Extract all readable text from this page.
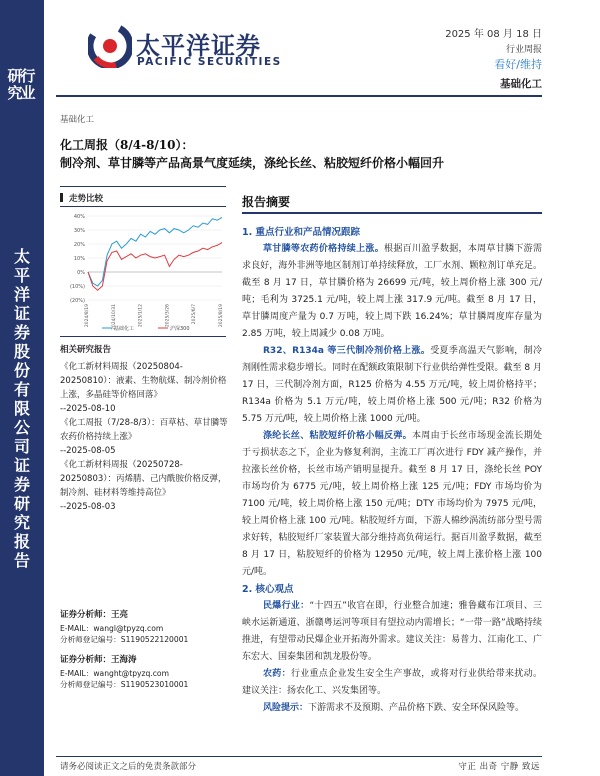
行业
研究
太平洋证券股份有限公司证券研究报告
太平洋证券
PACIFIC SECURITIES
2025 年 08 月 18 日
行业周报
看好/维持
基础化工
基础化工
化工周报（8/4-8/10）：
制冷剂、草甘膦等产品高景气度延续，涤纶长丝、粘胶短纤价格小幅回升
走势比较
40%
30%
20%
10%
0%
(10%)
(20%)
2024/8/19	2024/10/31	2025/1/12	2025/3/26	2025/6/7	2025/8/19
基础化工	沪深300
相关研究报告
《化工新材料周报（20250804-20250810）：液素、生物航煤、制冷剂价格上涨，多晶硅等价格回落》
--2025-08-10
《化工周报（7/28-8/3）：百草枯、草甘膦等农药价格持续上涨》
--2025-08-05
《化工新材料周报（20250728-20250803）：丙烯腈、己内酰胺价格反弹，制冷剂、硅材料等维持高位》
--2025-08-03
证券分析师：王亮
E-MAIL：wangl@tpyzq.com
分析师登记编号：S1190522120001
证券分析师：王海涛
E-MAIL：wanght@tpyzq.com
分析师登记编号：S1190523010001
报告摘要
1. 重点行业和产品情况跟踪
草甘膦等农药价格持续上涨。根据百川盈孚数据，本周草甘膦下游需求良好，海外非洲等地区制剂订单持续释放，工厂水剂、颗粒剂订单充足。截至 8 月 17 日，草甘膦价格为 26699 元/吨，较上周价格上涨 300 元/吨；毛利为 3725.1 元/吨，较上周上涨 317.9 元/吨。截至 8 月 17 日，草甘膦周度产量为 0.7 万吨，较上周下跌 16.24%；草甘膦周度库存量为 2.85 万吨，较上周减少 0.08 万吨。
R32、R134a 等三代制冷剂价格上涨。受夏季高温天气影响，制冷剂刚性需求稳步增长。同时在配额政策限制下行业供给弹性受限。截至 8 月 17 日，三代制冷剂方面，R125 价格为 4.55 万元/吨，较上周价格持平；R134a 价格为 5.1 万元/吨，较上周价格上涨 500 元/吨；R32 价格为 5.75 万元/吨，较上周价格上涨 1000 元/吨。
涤纶长丝、粘胶短纤价格小幅反弹。本周由于长丝市场现金流长期处于亏损状态之下，企业为修复利润，主流工厂再次进行 FDY 减产操作，并拉涨长丝价格，长丝市场产销明显提升。截至 8 月 17 日，涤纶长丝 POY 市场均价为 6775 元/吨，较上周价格上涨 125 元/吨；FDY 市场均价为 7100 元/吨，较上周价格上涨 150 元/吨；DTY 市场均价为 7975 元/吨，较上周价格上涨 100 元/吨。粘胶短纤方面，下游人棉纱涡流纺部分型号需求好转，粘胶短纤厂家装置大部分维持高负荷运行。据百川盈孚数据，截至 8 月 17 日，粘胶短纤的价格为 12950 元/吨，较上周上涨价格上涨 100 元/吨。
2. 核心观点
民爆行业：“十四五”收官在即，行业整合加速；雅鲁藏布江项目、三峡水运新通道、浙赣粤运河等项目有望拉动内需增长；“一带一路”战略持续推进，有望带动民爆企业开拓海外需求。建议关注：易普力、江南化工、广东宏大、国泰集团和凯龙股份等。
农药：行业重点企业发生安全生产事故，或将对行业供给带来扰动。建议关注：扬农化工、兴发集团等。
风险提示：下游需求不及预期、产品价格下跌、安全环保风险等。
请务必阅读正文之后的免责条款部分	守正 出奇 宁静 致远
